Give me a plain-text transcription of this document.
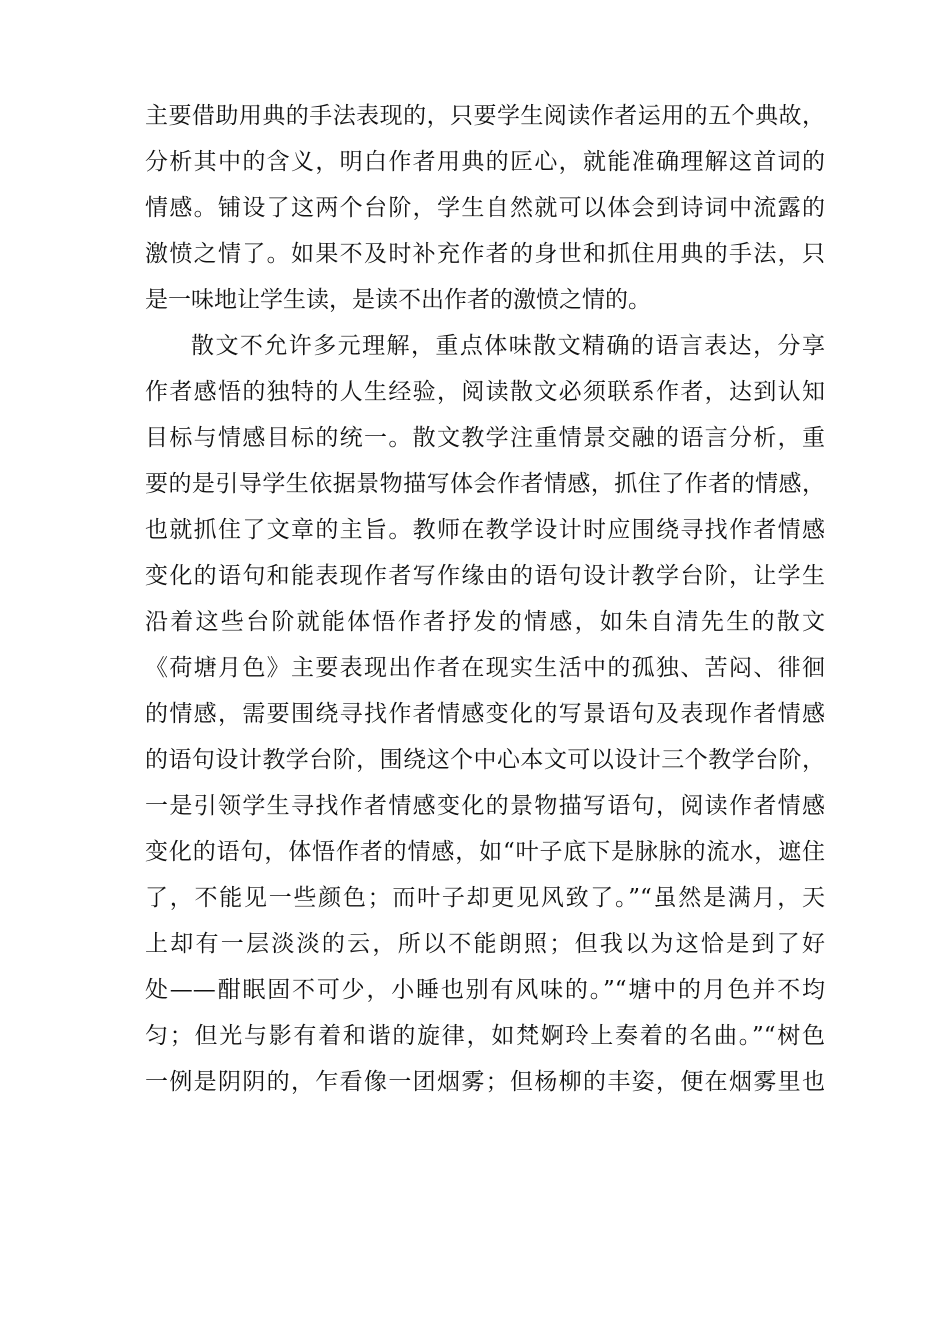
主要借助用典的手法表现的，只要学生阅读作者运用的五个典故，
分析其中的含义，明白作者用典的匠心，就能准确理解这首词的
情感。铺设了这两个台阶，学生自然就可以体会到诗词中流露的
激愤之情了。如果不及时补充作者的身世和抓住用典的手法，只
是一味地让学生读，是读不出作者的激愤之情的。
散文不允许多元理解，重点体味散文精确的语言表达，分享
作者感悟的独特的人生经验，阅读散文必须联系作者，达到认知
目标与情感目标的统一。散文教学注重情景交融的语言分析，重
要的是引导学生依据景物描写体会作者情感，抓住了作者的情感，
也就抓住了文章的主旨。教师在教学设计时应围绕寻找作者情感
变化的语句和能表现作者写作缘由的语句设计教学台阶，让学生
沿着这些台阶就能体悟作者抒发的情感，如朱自清先生的散文
《荷塘月色》主要表现出作者在现实生活中的孤独、苦闷、徘徊
的情感，需要围绕寻找作者情感变化的写景语句及表现作者情感
的语句设计教学台阶，围绕这个中心本文可以设计三个教学台阶，
一是引领学生寻找作者情感变化的景物描写语句，阅读作者情感
变化的语句，体悟作者的情感，如“叶子底下是脉脉的流水，遮住
了，不能见一些颜色；而叶子却更见风致了。”“虽然是满月，天
上却有一层淡淡的云，所以不能朗照；但我以为这恰是到了好
处——酣眠固不可少，小睡也别有风味的。”“塘中的月色并不均
匀；但光与影有着和谐的旋律，如梵婀玲上奏着的名曲。”“树色
一例是阴阴的，乍看像一团烟雾；但杨柳的丰姿，便在烟雾里也
